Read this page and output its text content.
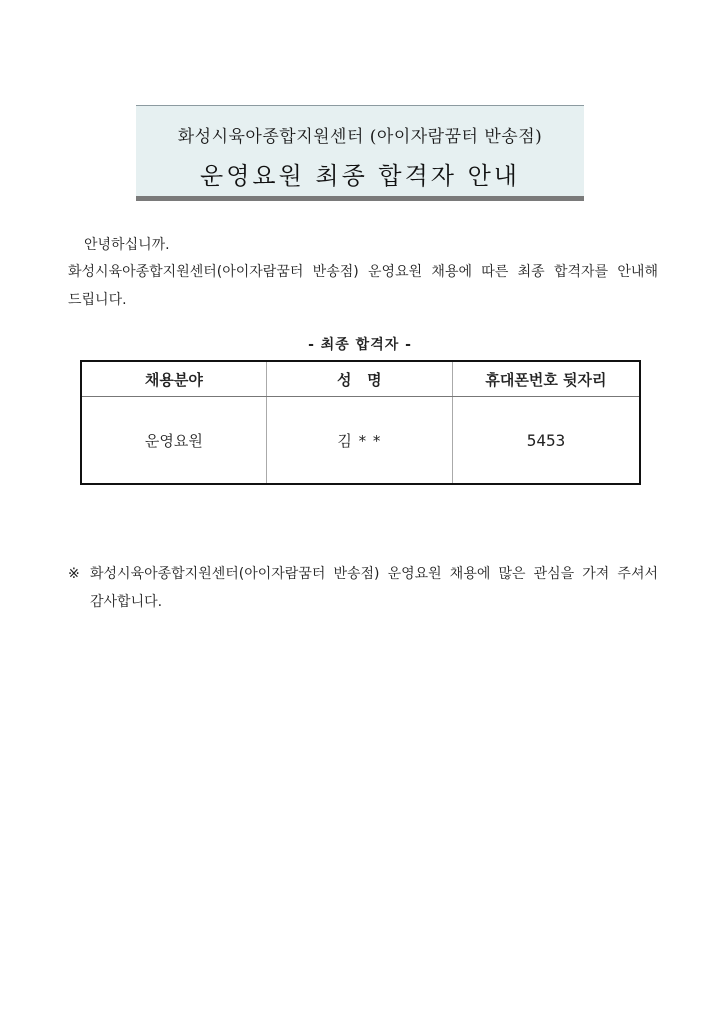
화성시육아종합지원센터 (아이자람꿈터 반송점)
운영요원 최종 합격자 안내
안녕하십니까.
화성시육아종합지원센터(아이자람꿈터 반송점) 운영요원 채용에 따른 최종 합격자를 안내해 드립니다.
- 최종 합격자 -
채용분야	성   명	휴대폰번호 뒷자리
운영요원	김 * *	5453
※ 화성시육아종합지원센터(아이자람꿈터 반송점) 운영요원 채용에 많은 관심을 가져 주셔서 감사합니다.
